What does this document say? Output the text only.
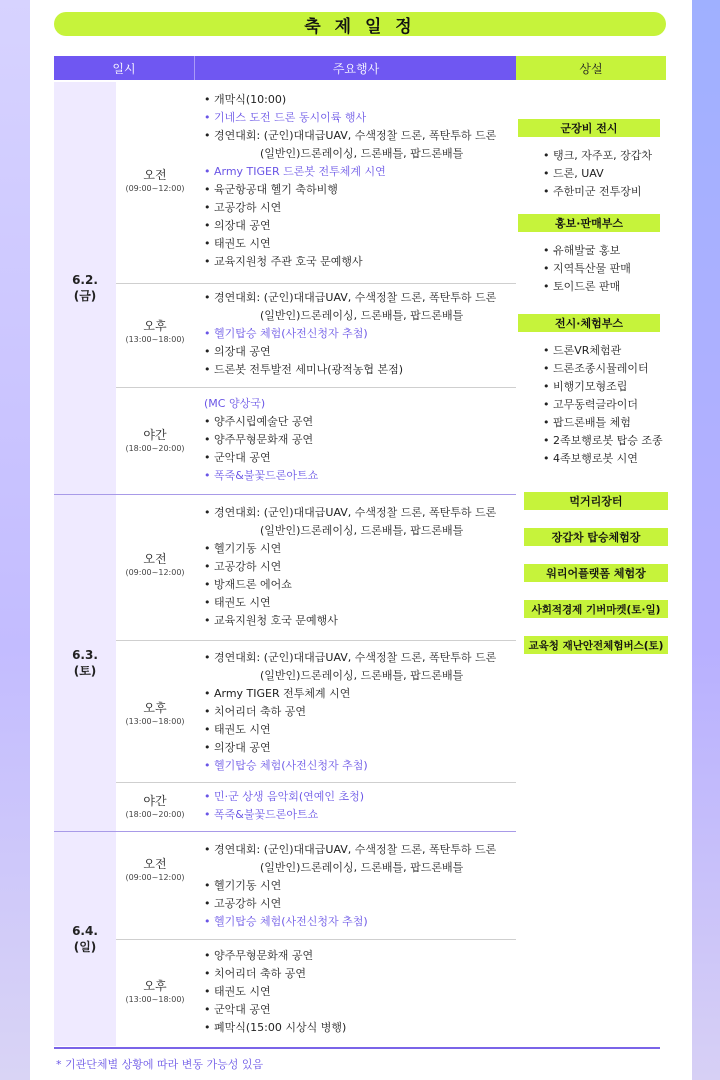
축 제 일 정
일시	주요행사	상설
6.2.
(금)
6.3.
(토)
6.4.
(일)
오전
(09:00~12:00)
오후
(13:00~18:00)
야간
(18:00~20:00)
오전
(09:00~12:00)
오후
(13:00~18:00)
야간
(18:00~20:00)
오전
(09:00~12:00)
오후
(13:00~18:00)
• 개막식(10:00)
• 기네스 도전 드론 동시이륙 행사
• 경연대회: (군인)대대급UAV, 수색정찰 드론, 폭탄투하 드론
(일반인)드론레이싱, 드론배틀, 팝드론배틀
• Army TIGER 드론봇 전투체계 시연
• 육군항공대 헬기 축하비행
• 고공강하 시연
• 의장대 공연
• 태권도 시연
• 교육지원청 주관 호국 문예행사
• 경연대회: (군인)대대급UAV, 수색정찰 드론, 폭탄투하 드론
(일반인)드론레이싱, 드론배틀, 팝드론배틀
• 헬기탑승 체험(사전신청자 추첨)
• 의장대 공연
• 드론봇 전투발전 세미나(광적농협 본점)
(MC 양상국)
• 양주시립예술단 공연
• 양주무형문화재 공연
• 군악대 공연
• 폭죽&불꽃드론아트쇼
• 경연대회: (군인)대대급UAV, 수색정찰 드론, 폭탄투하 드론
(일반인)드론레이싱, 드론배틀, 팝드론배틀
• 헬기기동 시연
• 고공강하 시연
• 방재드론 에어쇼
• 태권도 시연
• 교육지원청 호국 문예행사
• 경연대회: (군인)대대급UAV, 수색정찰 드론, 폭탄투하 드론
(일반인)드론레이싱, 드론배틀, 팝드론배틀
• Army TIGER 전투체계 시연
• 치어리더 축하 공연
• 태권도 시연
• 의장대 공연
• 헬기탑승 체험(사전신청자 추첨)
• 민·군 상생 음악회(연예인 초청)
• 폭죽&불꽃드론아트쇼
• 경연대회: (군인)대대급UAV, 수색정찰 드론, 폭탄투하 드론
(일반인)드론레이싱, 드론배틀, 팝드론배틀
• 헬기기동 시연
• 고공강하 시연
• 헬기탑승 체험(사전신청자 추첨)
• 양주무형문화재 공연
• 치어리더 축하 공연
• 태권도 시연
• 군악대 공연
• 폐막식(15:00 시상식 병행)
군장비 전시
• 탱크, 자주포, 장갑차
• 드론, UAV
• 주한미군 전투장비
홍보·판매부스
• 유해발굴 홍보
• 지역특산물 판매
• 토이드론 판매
전시·체험부스
• 드론VR체험관
• 드론조종시뮬레이터
• 비행기모형조립
• 고무동력글라이더
• 팝드론배틀 체험
• 2족보행로봇 탑승 조종
• 4족보행로봇 시연
먹거리장터
장갑차 탑승체험장
워리어플랫폼 체험장
사회적경제 기버마켓(토·일)
교육청 재난안전체험버스(토)
* 기관단체별 상황에 따라 변동 가능성 있음
